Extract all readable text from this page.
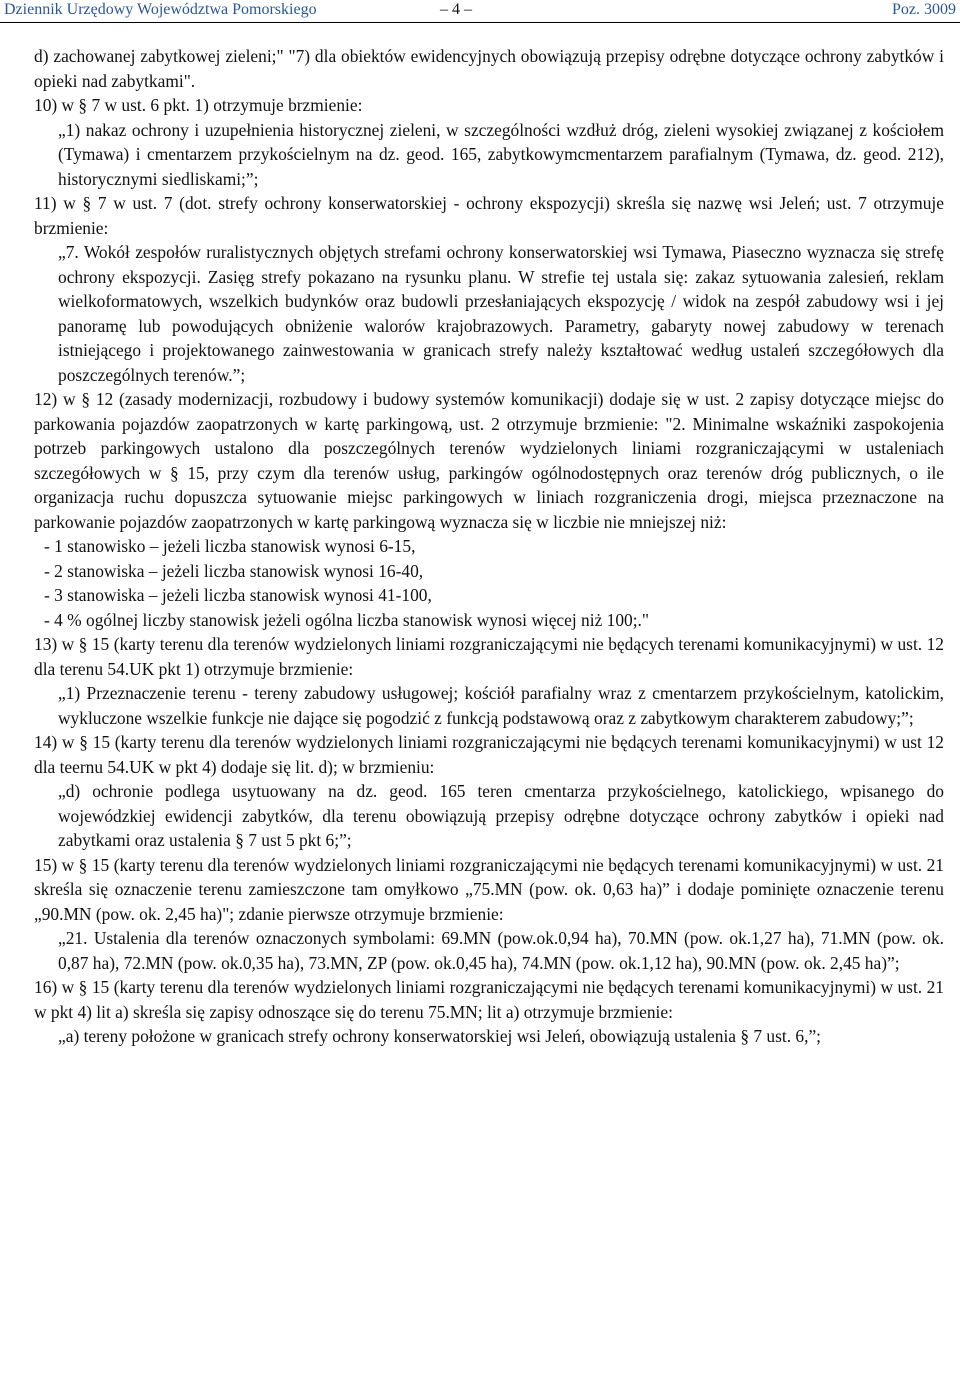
Dziennik Urzędowy Województwa Pomorskiego	– 4 –	Poz. 3009

d) zachowanej zabytkowej zieleni;" "7) dla obiektów ewidencyjnych obowiązują przepisy odrębne dotyczące ochrony zabytków i opieki nad zabytkami".

10) w § 7 w ust. 6 pkt. 1) otrzymuje brzmienie:

„1) nakaz ochrony i uzupełnienia historycznej zieleni, w szczególności wzdłuż dróg, zieleni wysokiej związanej z kościołem (Tymawa) i cmentarzem przykościelnym na dz. geod. 165, zabytkowymcmentarzem parafialnym (Tymawa, dz. geod. 212), historycznymi siedliskami;”;

11) w § 7 w ust. 7 (dot. strefy ochrony konserwatorskiej - ochrony ekspozycji) skreśla się nazwę wsi Jeleń; ust. 7 otrzymuje brzmienie:

„7. Wokół zespołów ruralistycznych objętych strefami ochrony konserwatorskiej wsi Tymawa, Piaseczno wyznacza się strefę ochrony ekspozycji. Zasięg strefy pokazano na rysunku planu. W strefie tej ustala się: zakaz sytuowania zalesień, reklam wielkoformatowych, wszelkich budynków oraz budowli przesłaniających ekspozycję / widok na zespół zabudowy wsi i jej panoramę lub powodujących obniżenie walorów krajobrazowych. Parametry, gabaryty nowej zabudowy w terenach istniejącego i projektowanego zainwestowania w granicach strefy należy kształtować według ustaleń szczegółowych dla poszczególnych terenów.”;

12) w § 12 (zasady modernizacji, rozbudowy i budowy systemów komunikacji) dodaje się w ust. 2 zapisy dotyczące miejsc do parkowania pojazdów zaopatrzonych w kartę parkingową, ust. 2 otrzymuje brzmienie: "2. Minimalne wskaźniki zaspokojenia potrzeb parkingowych ustalono dla poszczególnych terenów wydzielonych liniami rozgraniczającymi w ustaleniach szczegółowych w § 15, przy czym dla terenów usług, parkingów ogólnodostępnych oraz terenów dróg publicznych, o ile organizacja ruchu dopuszcza sytuowanie miejsc parkingowych w liniach rozgraniczenia drogi, miejsca przeznaczone na parkowanie pojazdów zaopatrzonych w kartę parkingową wyznacza się w liczbie nie mniejszej niż:

- 1 stanowisko – jeżeli liczba stanowisk wynosi 6-15,

- 2 stanowiska – jeżeli liczba stanowisk wynosi 16-40,

- 3 stanowiska – jeżeli liczba stanowisk wynosi 41-100,

- 4 % ogólnej liczby stanowisk jeżeli ogólna liczba stanowisk wynosi więcej niż 100;."

13) w § 15 (karty terenu dla terenów wydzielonych liniami rozgraniczającymi nie będących terenami komunikacyjnymi) w ust. 12 dla terenu 54.UK pkt 1) otrzymuje brzmienie:

„1) Przeznaczenie terenu - tereny zabudowy usługowej; kościół parafialny wraz z cmentarzem przykościelnym, katolickim, wykluczone wszelkie funkcje nie dające się pogodzić z funkcją podstawową oraz z zabytkowym charakterem zabudowy;”;

14) w § 15 (karty terenu dla terenów wydzielonych liniami rozgraniczającymi nie będących terenami komunikacyjnymi) w ust 12 dla teernu 54.UK w pkt 4) dodaje się lit. d); w brzmieniu:

„d) ochronie podlega usytuowany na dz. geod. 165 teren cmentarza przykościelnego, katolickiego, wpisanego do wojewódzkiej ewidencji zabytków, dla terenu obowiązują przepisy odrębne dotyczące ochrony zabytków i opieki nad zabytkami oraz ustalenia § 7 ust 5 pkt 6;”;

15) w § 15 (karty terenu dla terenów wydzielonych liniami rozgraniczającymi nie będących terenami komunikacyjnymi) w ust. 21 skreśla się oznaczenie terenu zamieszczone tam omyłkowo „75.MN (pow. ok. 0,63 ha)” i dodaje pominięte oznaczenie terenu „90.MN (pow. ok. 2,45 ha)"; zdanie pierwsze otrzymuje brzmienie:

„21. Ustalenia dla terenów oznaczonych symbolami: 69.MN (pow.ok.0,94 ha), 70.MN (pow. ok.1,27 ha), 71.MN (pow. ok. 0,87 ha), 72.MN (pow. ok.0,35 ha), 73.MN, ZP (pow. ok.0,45 ha), 74.MN (pow. ok.1,12 ha), 90.MN (pow. ok. 2,45 ha)”;

16) w § 15 (karty terenu dla terenów wydzielonych liniami rozgraniczającymi nie będących terenami komunikacyjnymi) w ust. 21 w pkt 4) lit a) skreśla się zapisy odnoszące się do terenu 75.MN; lit a) otrzymuje brzmienie:

„a) tereny położone w granicach strefy ochrony konserwatorskiej wsi Jeleń, obowiązują ustalenia § 7 ust. 6,”;
